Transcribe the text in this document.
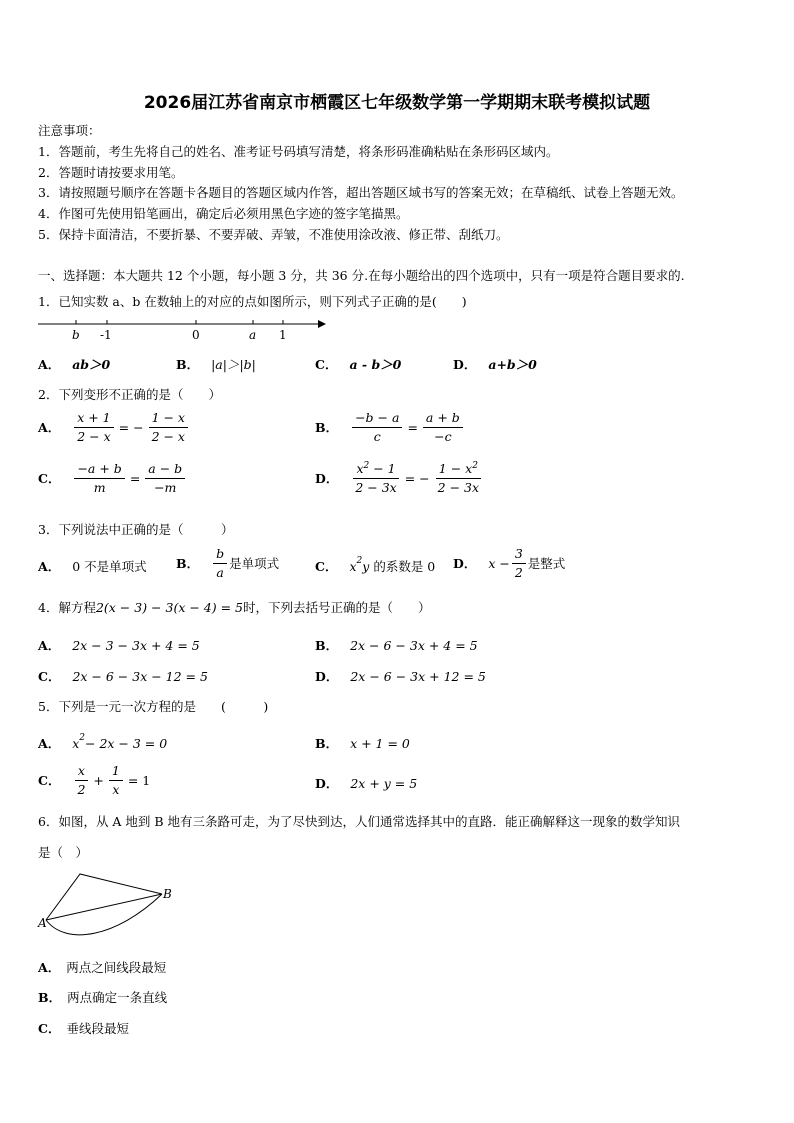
2026届江苏省南京市栖霞区七年级数学第一学期期末联考模拟试题
注意事项：
1．答题前，考生先将自己的姓名、准考证号码填写清楚，将条形码准确粘贴在条形码区域内。
2．答题时请按要求用笔。
3．请按照题号顺序在答题卡各题目的答题区域内作答，超出答题区域书写的答案无效；在草稿纸、试卷上答题无效。
4．作图可先使用铅笔画出，确定后必须用黑色字迹的签字笔描黑。
5．保持卡面清洁，不要折暴、不要弄破、弄皱，不准使用涂改液、修正带、刮纸刀。
一、选择题：本大题共 12 个小题，每小题 3 分，共 36 分.在每小题给出的四个选项中，只有一项是符合题目要求的.
1．已知实数 a、b 在数轴上的对应的点如图所示，则下列式子正确的是(　　)
b -1	0	a 1
A． ab＞0	B． |a|＞|b|	C． a - b＞0	D． a+b＞0
2．下列变形不正确的是（　　）
A． $\frac{x + 1}{2 - x}$ = − $\frac{1 - x}{2 - x}$	B． $\frac{-b - a}{c} = \frac{a + b}{-c}$
C． $\frac{-a + b}{m} = \frac{a - b}{-m}$	D． $\frac{x^2 - 1}{2 - 3x}$ = − $\frac{1 - x^2}{2 - 3x}$
3．下列说法中正确的是（　　　）
A． 0 不是单项式 B． $\frac{b}{a}$ 是单项式	C． x 2 y 的系数是 0 D． $x - \frac{3}{2}$ 是整式
4．解方程2(x − 3) − 3(x − 4) = 5时，下列去括号正确的是（　　）
A． 2x − 3 − 3x + 4 = 5	B． 2x − 6 − 3x + 4 = 5
C． 2x − 6 − 3x − 12 = 5	D． 2x − 6 − 3x + 12 = 5
5．下列是一元一次方程的是　　(　　　)
A． x 2 − 2x − 3 = 0	B． x + 1 = 0
C． $\frac{x}{2} + \frac{1}{x} = 1$	D． 2x + y = 5
6．如图，从 A 地到 B 地有三条路可走，为了尽快到达，人们通常选择其中的直路．能正确解释这一现象的数学知识
是（　）
A
B
A． 两点之间线段最短
B． 两点确定一条直线
C． 垂线段最短
